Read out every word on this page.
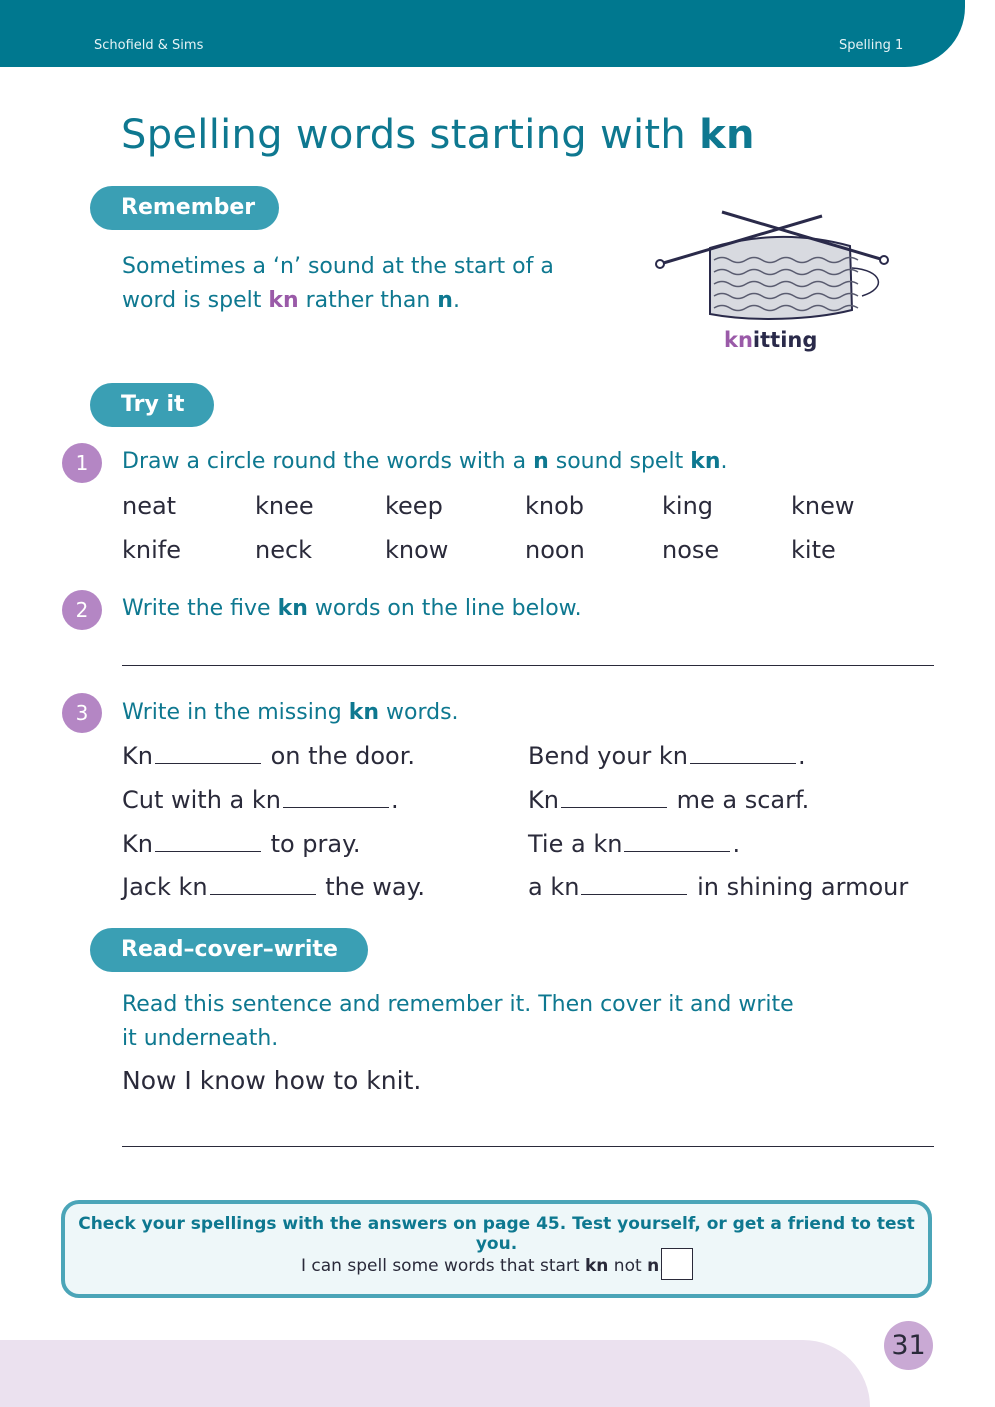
Schofield & Sims	Spelling 1
Spelling words starting with kn
Remember
Sometimes a ‘n’ sound at the start of a
word is spelt kn rather than n.
knitting
Try it
1	Draw a circle round the words with a n sound spelt kn.
neat	knee	keep	knob	king	knew
knife	neck	know	noon	nose	kite
2	Write the five kn words on the line below.
3	Write in the missing kn words.
Kn	on the door.
Cut with a kn	.
Kn	to pray.
Jack kn	the way.
Bend your kn	.
Kn	me a scarf.
Tie a kn	.
a kn	in shining armour
Read–cover–write
Read this sentence and remember it. Then cover it and write
it underneath.
Now I know how to knit.
Check your spellings with the answers on page 45. Test yourself, or get a friend to test you.
I can spell some words that start kn not n
31
